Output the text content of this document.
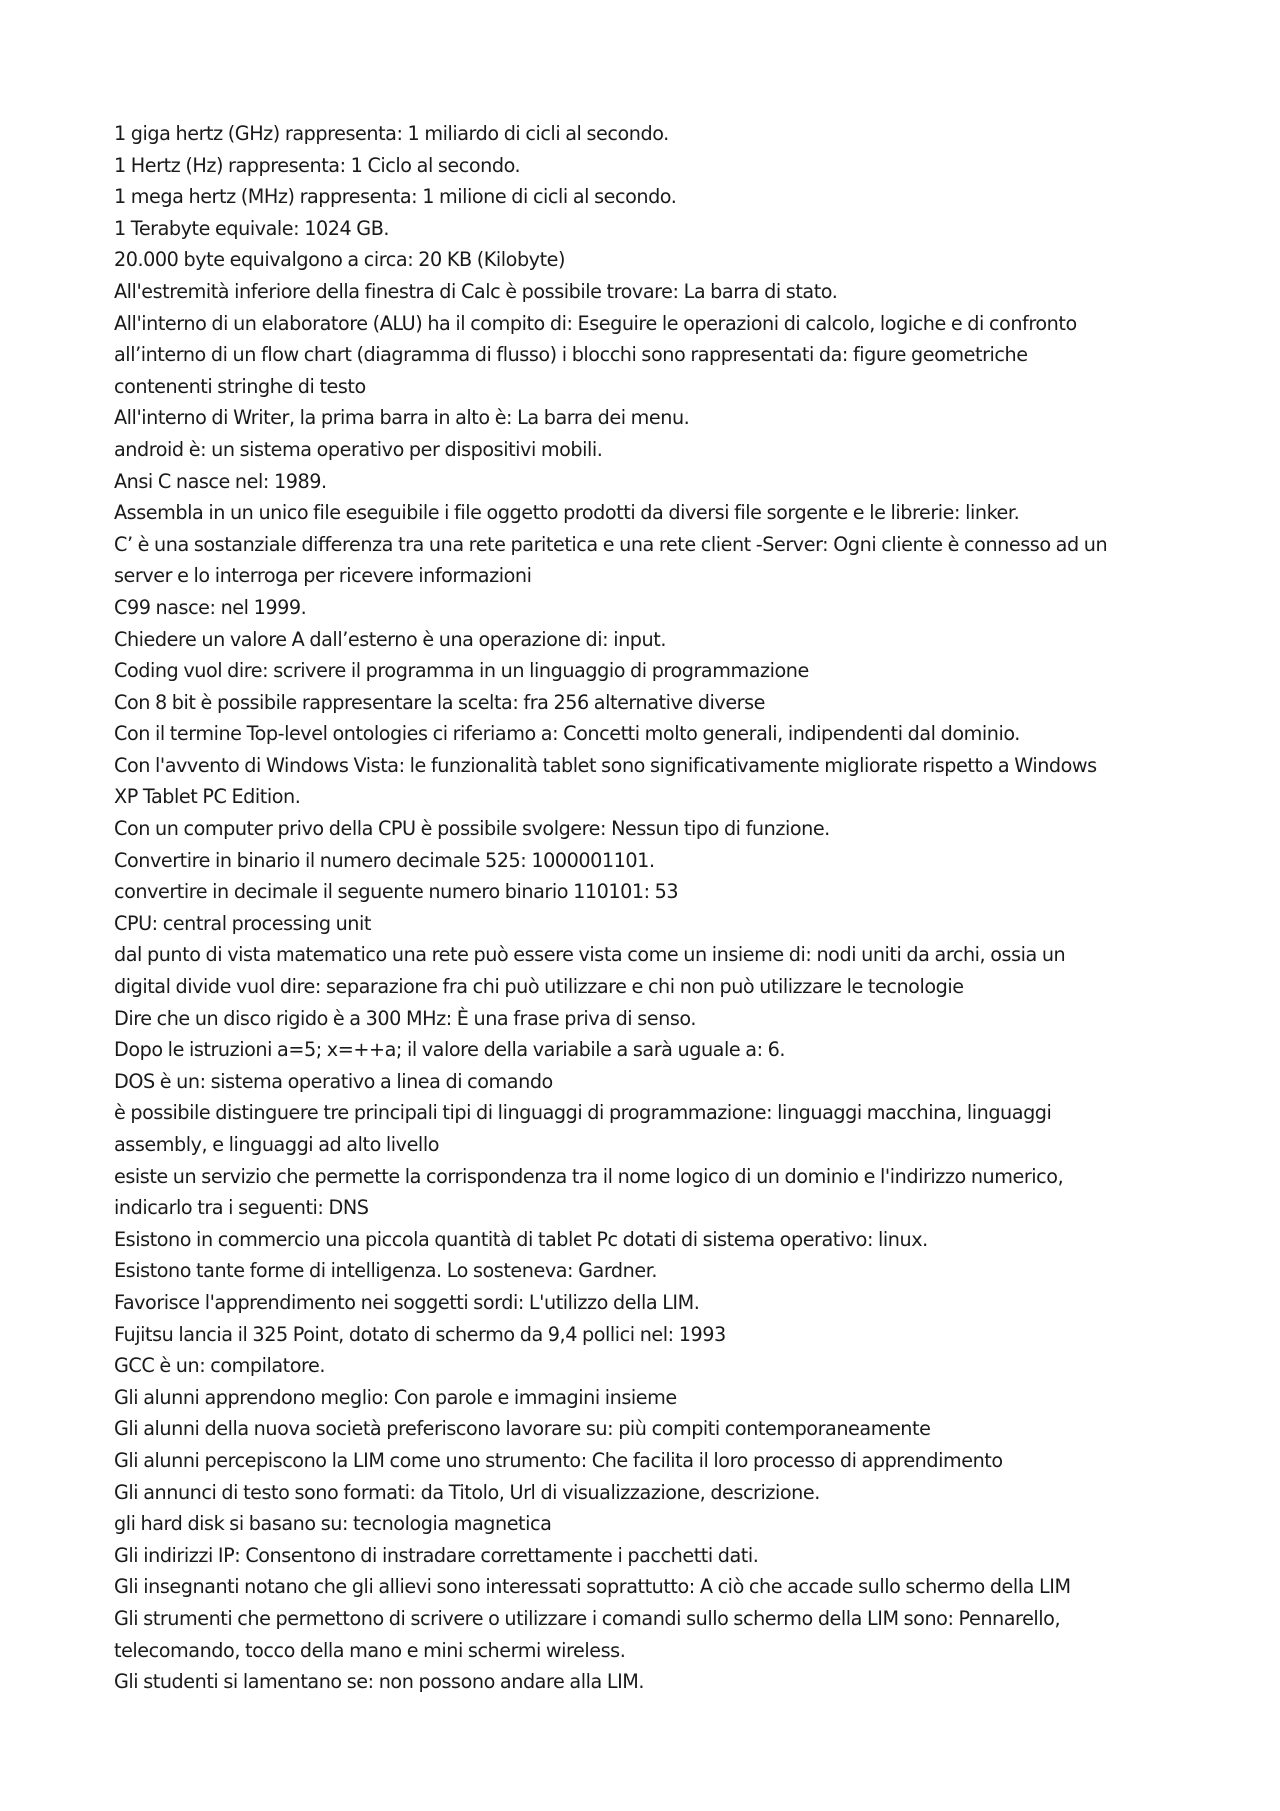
1 giga hertz (GHz) rappresenta: 1 miliardo di cicli al secondo.

1 Hertz (Hz) rappresenta: 1 Ciclo al secondo.

1 mega hertz (MHz) rappresenta: 1 milione di cicli al secondo.

1 Terabyte equivale: 1024 GB.

20.000 byte equivalgono a circa: 20 KB (Kilobyte)

All'estremità inferiore della finestra di Calc è possibile trovare: La barra di stato.

All'interno di un elaboratore (ALU) ha il compito di: Eseguire le operazioni di calcolo, logiche e di confronto

all’interno di un flow chart (diagramma di flusso) i blocchi sono rappresentati da: figure geometriche

contenenti stringhe di testo

All'interno di Writer, la prima barra in alto è: La barra dei menu.

android è: un sistema operativo per dispositivi mobili.

Ansi C nasce nel: 1989.

Assembla in un unico file eseguibile i file oggetto prodotti da diversi file sorgente e le librerie: linker.

C’ è una sostanziale differenza tra una rete paritetica e una rete client -Server: Ogni cliente è connesso ad un

server e lo interroga per ricevere informazioni

C99 nasce: nel 1999.

Chiedere un valore A dall’esterno è una operazione di: input.

Coding vuol dire: scrivere il programma in un linguaggio di programmazione

Con 8 bit è possibile rappresentare la scelta: fra 256 alternative diverse

Con il termine Top-level ontologies ci riferiamo a: Concetti molto generali, indipendenti dal dominio.

Con l'avvento di Windows Vista: le funzionalità tablet sono significativamente migliorate rispetto a Windows

XP Tablet PC Edition.

Con un computer privo della CPU è possibile svolgere: Nessun tipo di funzione.

Convertire in binario il numero decimale 525: 1000001101.

convertire in decimale il seguente numero binario 110101: 53

CPU: central processing unit

dal punto di vista matematico una rete può essere vista come un insieme di: nodi uniti da archi, ossia un

digital divide vuol dire: separazione fra chi può utilizzare e chi non può utilizzare le tecnologie

Dire che un disco rigido è a 300 MHz: È una frase priva di senso.

Dopo le istruzioni a=5; x=++a; il valore della variabile a sarà uguale a: 6.

DOS è un: sistema operativo a linea di comando

è possibile distinguere tre principali tipi di linguaggi di programmazione: linguaggi macchina, linguaggi

assembly, e linguaggi ad alto livello

esiste un servizio che permette la corrispondenza tra il nome logico di un dominio e l'indirizzo numerico,

indicarlo tra i seguenti: DNS

Esistono in commercio una piccola quantità di tablet Pc dotati di sistema operativo: linux.

Esistono tante forme di intelligenza. Lo sosteneva: Gardner.

Favorisce l'apprendimento nei soggetti sordi: L'utilizzo della LIM.

Fujitsu lancia il 325 Point, dotato di schermo da 9,4 pollici nel: 1993

GCC è un: compilatore.

Gli alunni apprendono meglio: Con parole e immagini insieme

Gli alunni della nuova società preferiscono lavorare su: più compiti contemporaneamente

Gli alunni percepiscono la LIM come uno strumento: Che facilita il loro processo di apprendimento

Gli annunci di testo sono formati: da Titolo, Url di visualizzazione, descrizione.

gli hard disk si basano su: tecnologia magnetica

Gli indirizzi IP: Consentono di instradare correttamente i pacchetti dati.

Gli insegnanti notano che gli allievi sono interessati soprattutto: A ciò che accade sullo schermo della LIM

Gli strumenti che permettono di scrivere o utilizzare i comandi sullo schermo della LIM sono: Pennarello,

telecomando, tocco della mano e mini schermi wireless.

Gli studenti si lamentano se: non possono andare alla LIM.
